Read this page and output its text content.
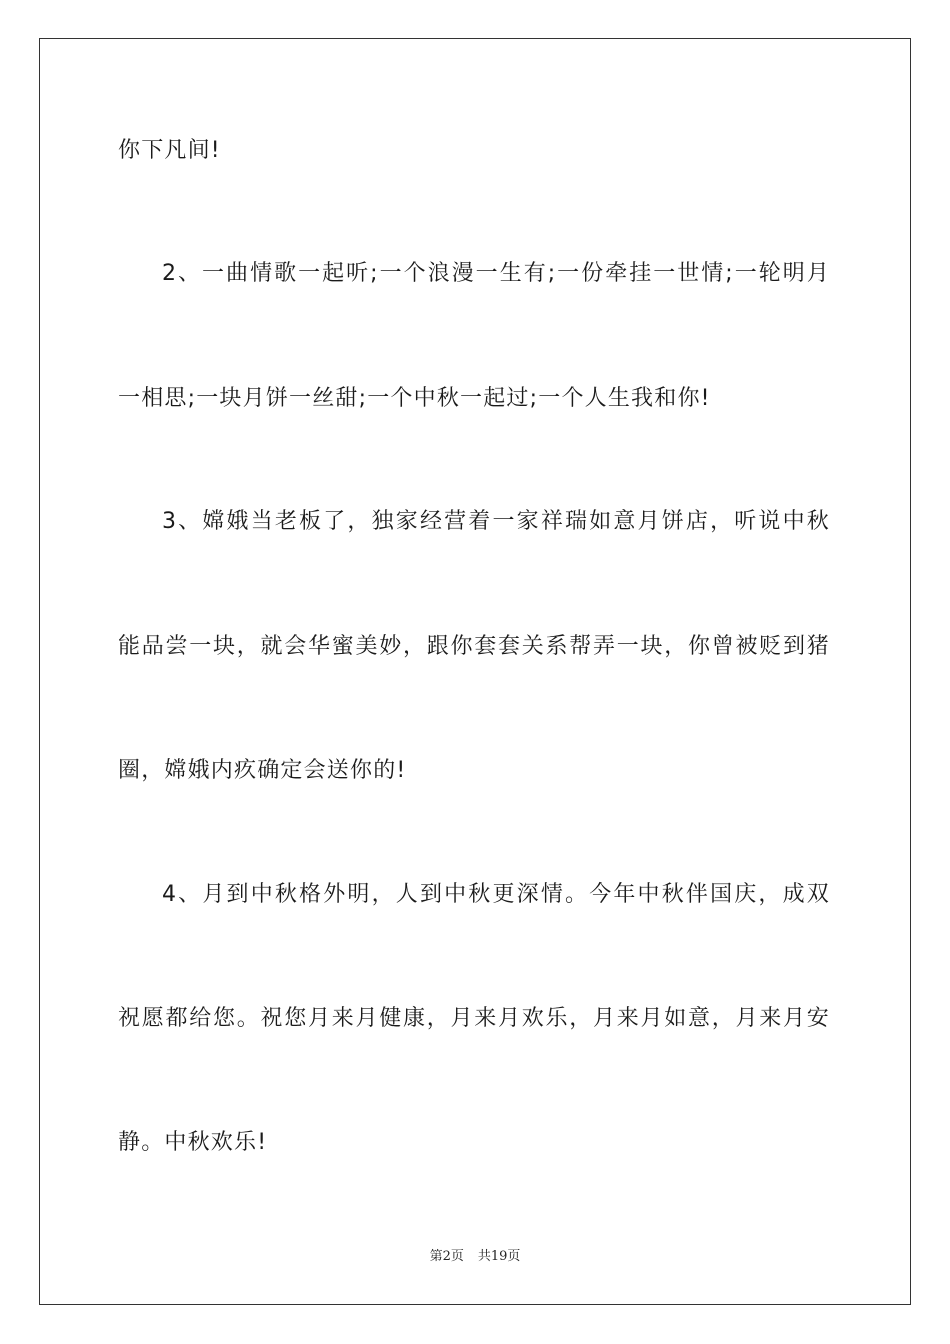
你下凡间!
2、一曲情歌一起听;一个浪漫一生有;一份牵挂一世情;一轮明月
一相思;一块月饼一丝甜;一个中秋一起过;一个人生我和你!
3、嫦娥当老板了，独家经营着一家祥瑞如意月饼店，听说中秋
能品尝一块，就会华蜜美妙，跟你套套关系帮弄一块，你曾被贬到猪
圈，嫦娥内疚确定会送你的!
4、月到中秋格外明，人到中秋更深情。今年中秋伴国庆，成双
祝愿都给您。祝您月来月健康，月来月欢乐，月来月如意，月来月安
静。中秋欢乐!
第2页 共19页
